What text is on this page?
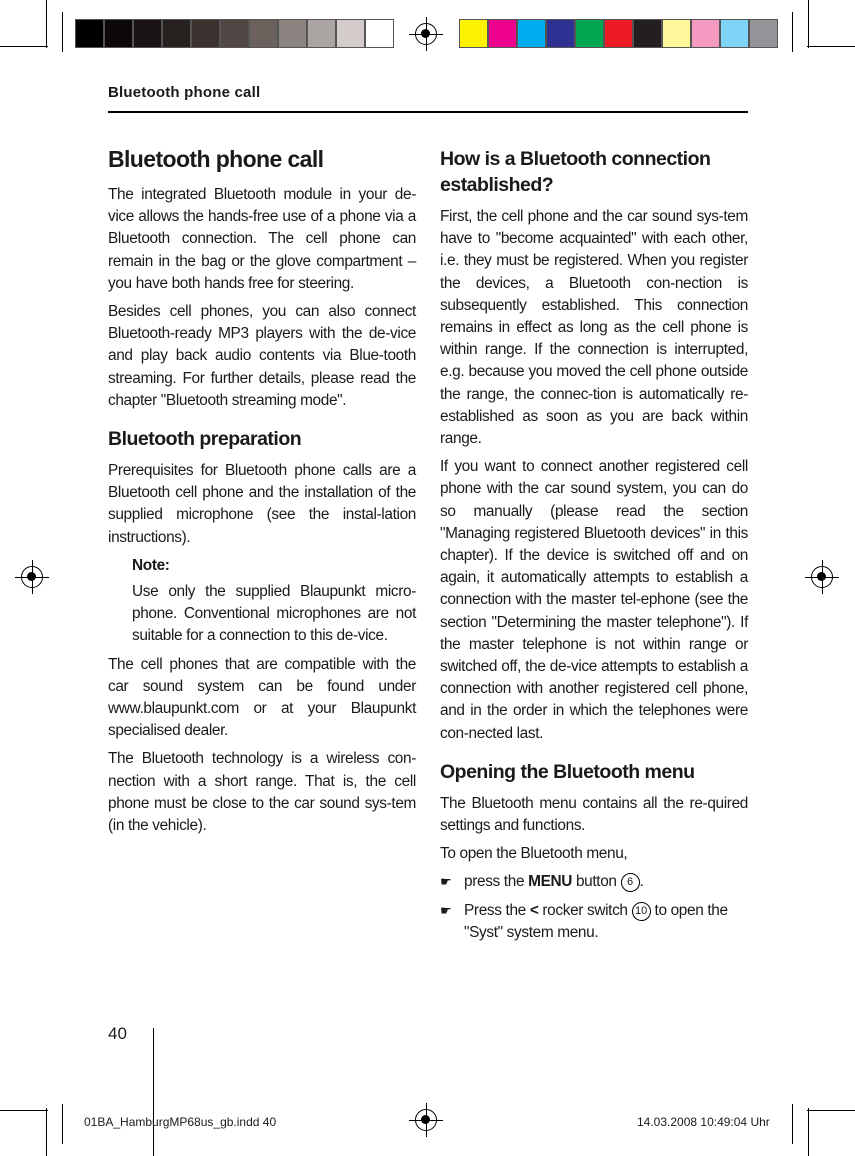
Bluetooth phone call
Bluetooth phone call

The integrated Bluetooth module in your de-vice allows the hands-free use of a phone via a Bluetooth connection. The cell phone can remain in the bag or the glove compartment – you have both hands free for steering.

Besides cell phones, you can also connect Bluetooth-ready MP3 players with the de-vice and play back audio contents via Blue-tooth streaming. For further details, please read the chapter "Bluetooth streaming mode".

Bluetooth preparation

Prerequisites for Bluetooth phone calls are a Bluetooth cell phone and the installation of the supplied microphone (see the instal-lation instructions).

Note:

Use only the supplied Blaupunkt micro-phone. Conventional microphones are not suitable for a connection to this de-vice.

The cell phones that are compatible with the car sound system can be found under www.blaupunkt.com or at your Blaupunkt specialised dealer.

The Bluetooth technology is a wireless con-nection with a short range. That is, the cell phone must be close to the car sound sys-tem (in the vehicle).

How is a Bluetooth connection established?

First, the cell phone and the car sound sys-tem have to "become acquainted" with each other, i.e. they must be registered. When you register the devices, a Bluetooth con-nection is subsequently established. This connection remains in effect as long as the cell phone is within range. If the connection is interrupted, e.g. because you moved the cell phone outside the range, the connec-tion is automatically re-established as soon as you are back within range.

If you want to connect another registered cell phone with the car sound system, you can do so manually (please read the section "Managing registered Bluetooth devices" in this chapter). If the device is switched off and on again, it automatically attempts to establish a connection with the master tel-ephone (see the section "Determining the master telephone"). If the master telephone is not within range or switched off, the de-vice attempts to establish a connection with another registered cell phone, and in the order in which the telephones were con-nected last.

Opening the Bluetooth menu

The Bluetooth menu contains all the re-quired settings and functions.

To open the Bluetooth menu,

☛ press the MENU button 6 .
☛ Press the < rocker switch 10 to open the "Syst" system menu.
40
01BA_HamburgMP68us_gb.indd 40	14.03.2008 10:49:04 Uhr
